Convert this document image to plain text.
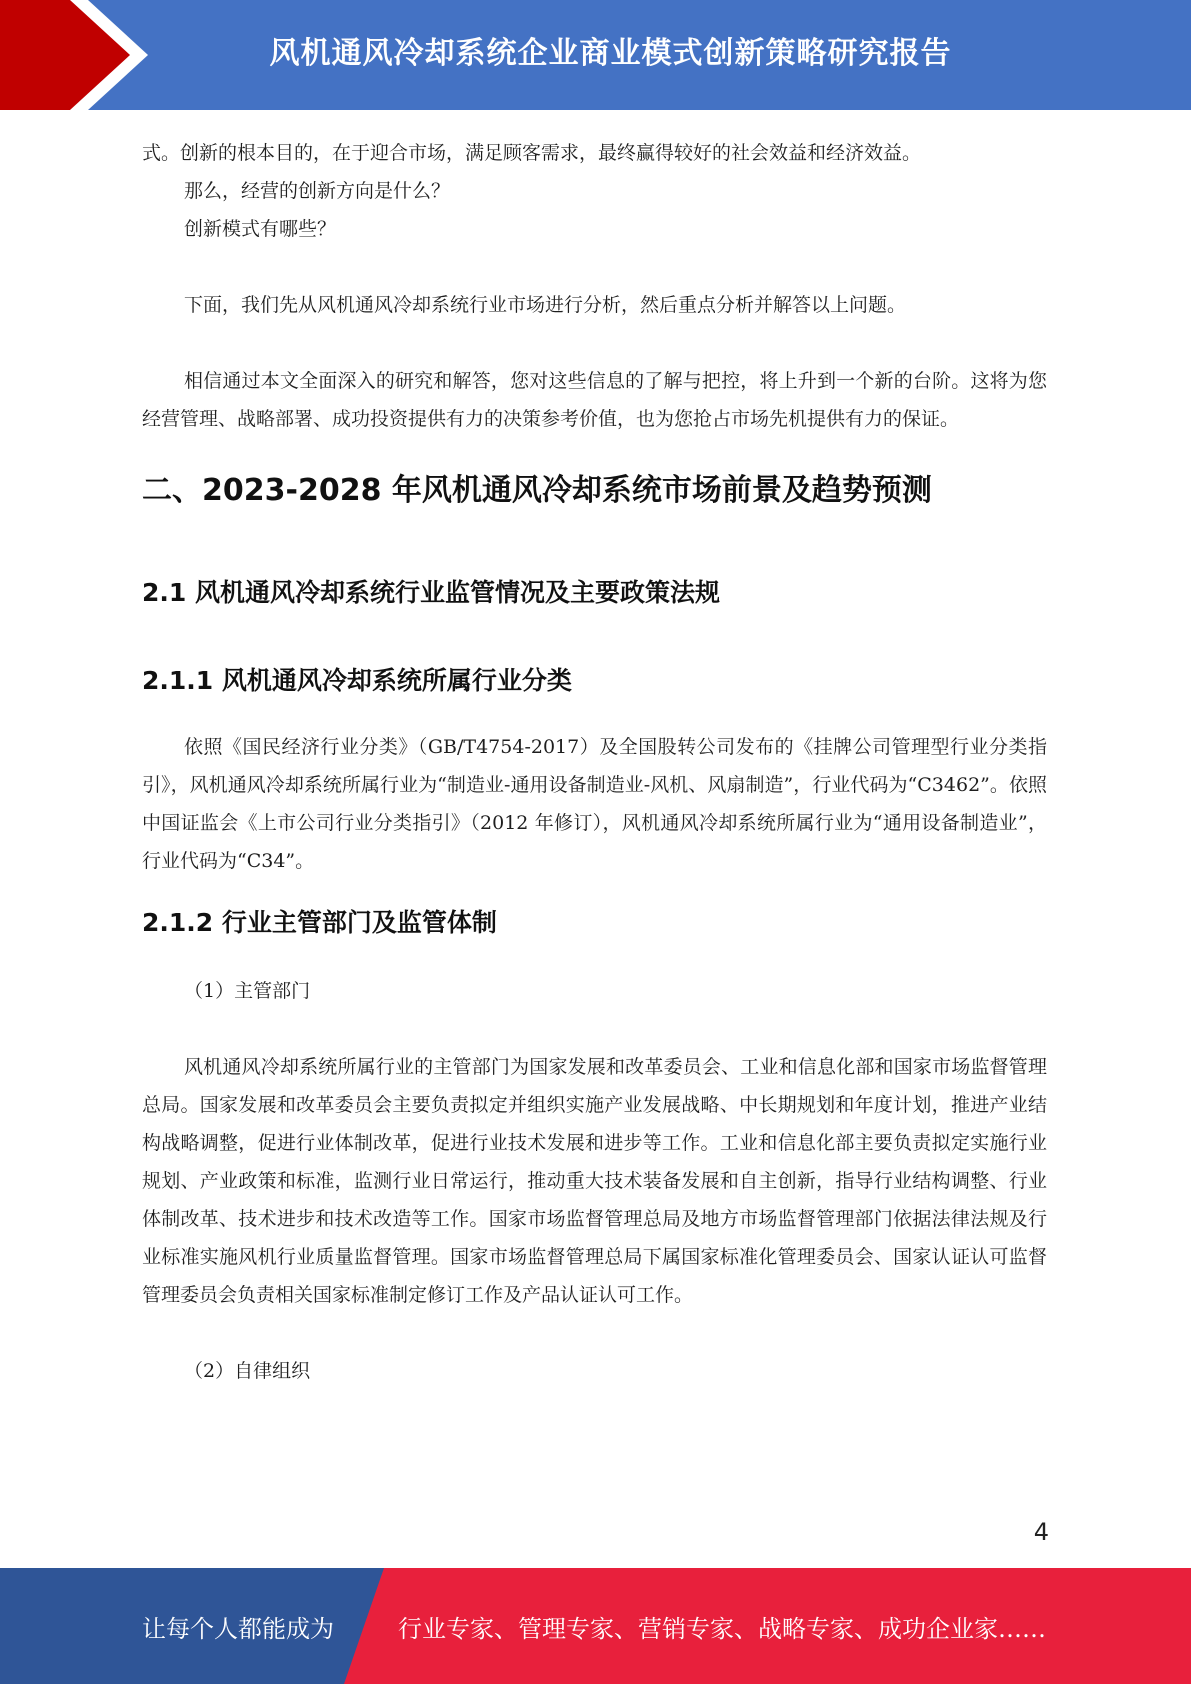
风机通风冷却系统企业商业模式创新策略研究报告

式。创新的根本目的，在于迎合市场，满足顾客需求，最终赢得较好的社会效益和经济效益。

那么，经营的创新方向是什么？

创新模式有哪些？

下面，我们先从风机通风冷却系统行业市场进行分析，然后重点分析并解答以上问题。

相信通过本文全面深入的研究和解答，您对这些信息的了解与把控，将上升到一个新的台阶。这将为您经营管理、战略部署、成功投资提供有力的决策参考价值，也为您抢占市场先机提供有力的保证。

二、2023-2028 年风机通风冷却系统市场前景及趋势预测
2.1 风机通风冷却系统行业监管情况及主要政策法规
2.1.1 风机通风冷却系统所属行业分类

依照《国民经济行业分类》（GB/T4754-2017）及全国股转公司发布的《挂牌公司管理型行业分类指引》，风机通风冷却系统所属行业为“制造业-通用设备制造业-风机、风扇制造”，行业代码为“C3462”。依照中国证监会《上市公司行业分类指引》（2012 年修订），风机通风冷却系统所属行业为“通用设备制造业”，行业代码为“C34”。

2.1.2 行业主管部门及监管体制

（1）主管部门

风机通风冷却系统所属行业的主管部门为国家发展和改革委员会、工业和信息化部和国家市场监督管理总局。国家发展和改革委员会主要负责拟定并组织实施产业发展战略、中长期规划和年度计划，推进产业结构战略调整，促进行业体制改革，促进行业技术发展和进步等工作。工业和信息化部主要负责拟定实施行业规划、产业政策和标准，监测行业日常运行，推动重大技术装备发展和自主创新，指导行业结构调整、行业体制改革、技术进步和技术改造等工作。国家市场监督管理总局及地方市场监督管理部门依据法律法规及行业标准实施风机行业质量监督管理。国家市场监督管理总局下属国家标准化管理委员会、国家认证认可监督管理委员会负责相关国家标准制定修订工作及产品认证认可工作。

（2）自律组织

4
让每个人都能成为	行业专家、管理专家、营销专家、战略专家、成功企业家……
